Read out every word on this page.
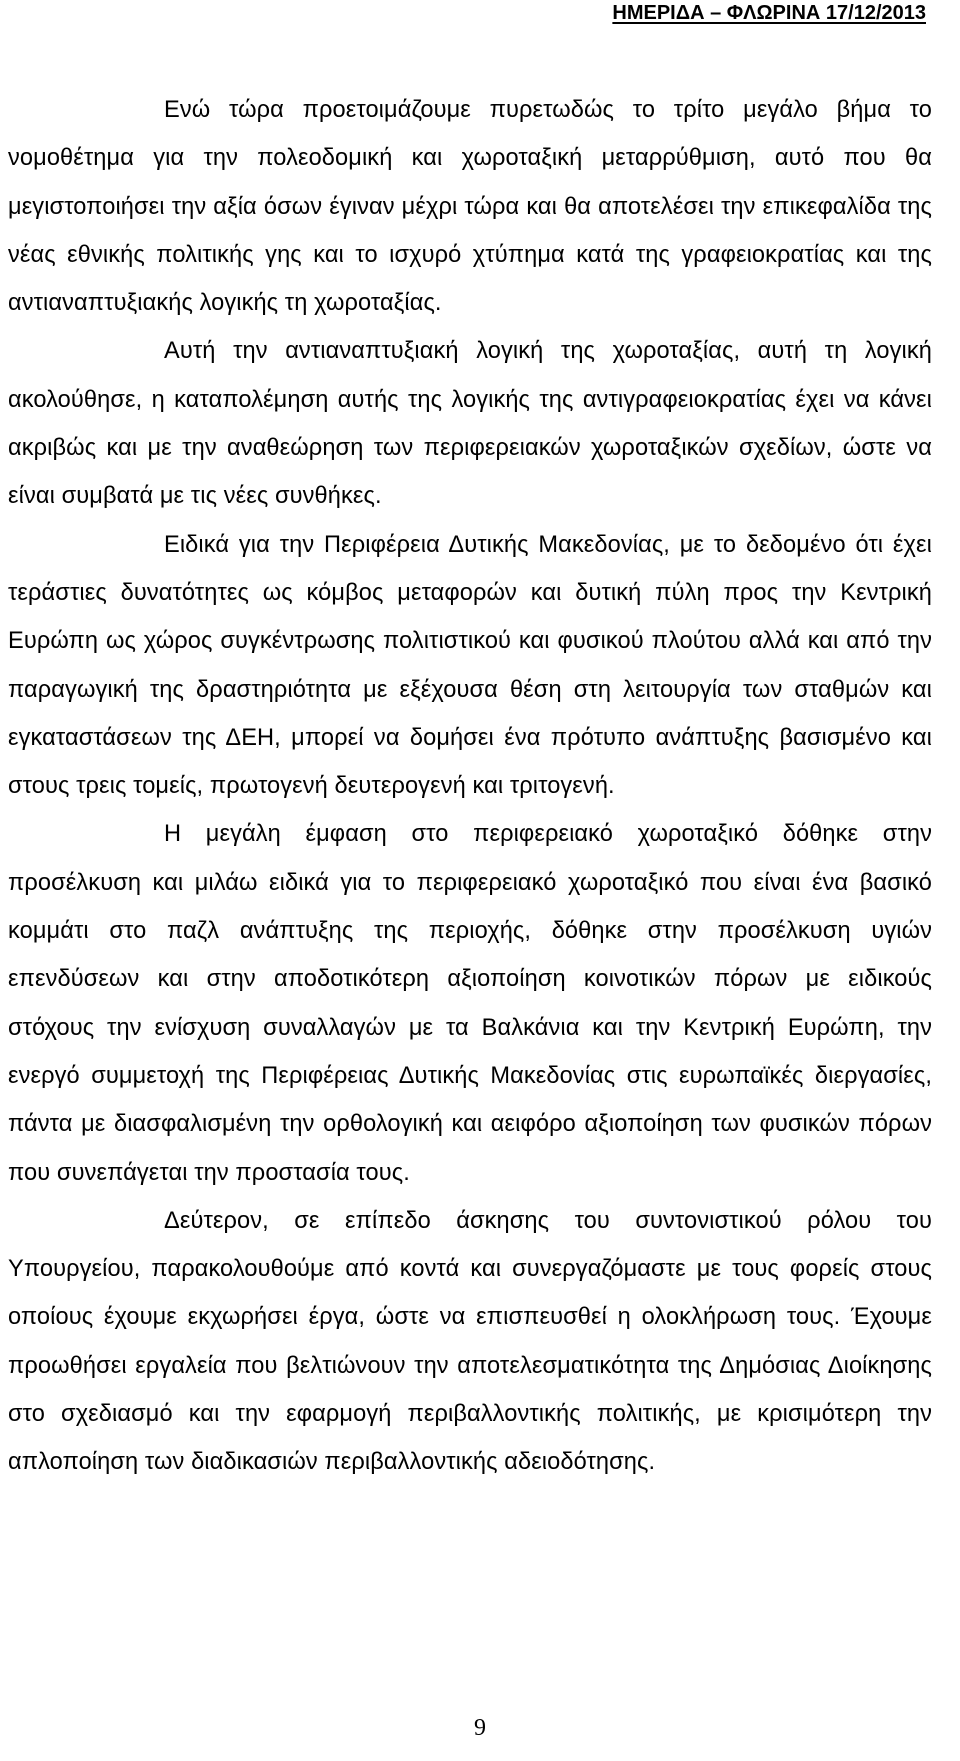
ΗΜΕΡΙΔΑ – ΦΛΩΡΙΝΑ 17/12/2013

Ενώ τώρα προετοιμάζουμε πυρετωδώς το τρίτο μεγάλο βήμα το νομοθέτημα για την πολεοδομική και χωροταξική μεταρρύθμιση, αυτό που θα μεγιστοποιήσει την αξία όσων έγιναν μέχρι τώρα και θα αποτελέσει την επικεφαλίδα της νέας εθνικής πολιτικής γης και το ισχυρό χτύπημα κατά της γραφειοκρατίας και της αντιαναπτυξιακής λογικής τη χωροταξίας.

Αυτή την αντιαναπτυξιακή λογική της χωροταξίας, αυτή τη λογική ακολούθησε, η καταπολέμηση αυτής της λογικής της αντιγραφειοκρατίας έχει να κάνει ακριβώς και με την αναθεώρηση των περιφερειακών χωροταξικών σχεδίων, ώστε να είναι συμβατά με τις νέες συνθήκες.

Ειδικά για την Περιφέρεια Δυτικής Μακεδονίας, με το δεδομένο ότι έχει τεράστιες δυνατότητες ως κόμβος μεταφορών και δυτική πύλη προς την Κεντρική Ευρώπη ως χώρος συγκέντρωσης πολιτιστικού και φυσικού πλούτου αλλά και από την παραγωγική της δραστηριότητα με εξέχουσα θέση στη λειτουργία των σταθμών και εγκαταστάσεων της ΔΕΗ, μπορεί να δομήσει ένα πρότυπο ανάπτυξης βασισμένο και στους τρεις τομείς, πρωτογενή δευτερογενή και τριτογενή.

Η μεγάλη έμφαση στο περιφερειακό χωροταξικό δόθηκε στην προσέλκυση και μιλάω ειδικά για το περιφερειακό χωροταξικό που είναι ένα βασικό κομμάτι στο παζλ ανάπτυξης της περιοχής, δόθηκε στην προσέλκυση υγιών επενδύσεων και στην αποδοτικότερη αξιοποίηση κοινοτικών πόρων με ειδικούς στόχους την ενίσχυση συναλλαγών με τα Βαλκάνια και την Κεντρική Ευρώπη, την ενεργό συμμετοχή της Περιφέρειας Δυτικής Μακεδονίας στις ευρωπαϊκές διεργασίες, πάντα με διασφαλισμένη την ορθολογική και αειφόρο αξιοποίηση των φυσικών πόρων που συνεπάγεται την προστασία τους.

Δεύτερον, σε επίπεδο άσκησης του συντονιστικού ρόλου του Υπουργείου, παρακολουθούμε από κοντά και συνεργαζόμαστε με τους φορείς στους οποίους έχουμε εκχωρήσει έργα, ώστε να επισπευσθεί η ολοκλήρωση τους. Έχουμε προωθήσει εργαλεία που βελτιώνουν την αποτελεσματικότητα της Δημόσιας Διοίκησης στο σχεδιασμό και την εφαρμογή περιβαλλοντικής πολιτικής, με κρισιμότερη την απλοποίηση των διαδικασιών περιβαλλοντικής αδειοδότησης.

9
